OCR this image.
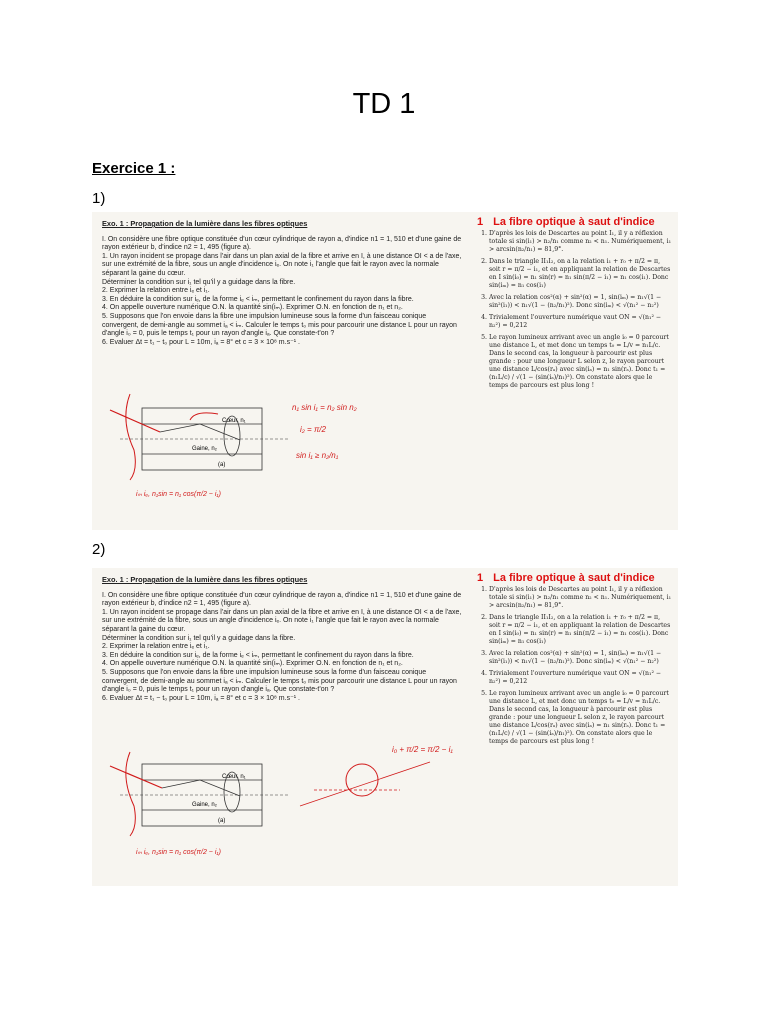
TD 1
Exercice 1 :
1)
Exo. 1 : Propagation de la lumière dans les fibres optiques

I. On considère une fibre optique constituée d'un cœur cylindrique de rayon a, d'indice n1 = 1, 510 et d'une gaine de rayon extérieur b, d'indice n2 = 1, 495 (figure a).

1. Un rayon incident se propage dans l'air dans un plan axial de la fibre et arrive en I, à une distance OI < a de l'axe, sur une extrémité de la fibre, sous un angle d'incidence iₑ. On note i₁ l'angle que fait le rayon avec la normale séparant la gaine du cœur.

Déterminer la condition sur i₁ tel qu'il y a guidage dans la fibre.

2. Exprimer la relation entre iₑ et i₁.

3. En déduire la condition sur iₑ, de la forme iₑ < iₘ, permettant le confinement du rayon dans la fibre.

4. On appelle ouverture numérique O.N. la quantité sin(iₘ). Exprimer O.N. en fonction de n₁ et n₂.

5. Supposons que l'on envoie dans la fibre une impulsion lumineuse sous la forme d'un faisceau conique convergent, de demi-angle au sommet iₐ < iₘ. Calculer le temps t₀ mis pour parcourir une distance L pour un rayon d'angle i₀ = 0, puis le temps t₁ pour un rayon d'angle iₐ. Que constate-t'on ?

6. Evaluer Δt = t₁ − t₀ pour L = 10m, iₐ = 8° et c = 3 × 10⁸ m.s⁻¹ .

Cœur, n₁
Gaine, n₂
(a)
iₘ iₑ, n₁sin = n₁ cos(π/2 − i₁)
n₁ sin i₁ = n₂ sin n₂
i₂ = π/2
sin i₁ ≥ n₂/n₁
1 La fibre optique à saut d'indice
1. D'après les lois de Descartes au point I₁, il y a réflexion totale si sin(i₁) > n₂/n₁ comme n₂ < n₁. Numériquement, i₁ > arcsin(n₂/n₁) = 81,9°.
2. Dans le triangle II₁I₂, on a la relation i₁ + r₀ + π/2 = π, soit r = π/2 − i₁, et en appliquant la relation de Descartes en I sin(i₀) = n₁ sin(r) = n₁ sin(π/2 − i₁) = n₁ cos(i₁). Donc sin(iₘ) = n₁ cos(i₁)
3. Avec la relation cos²(α) + sin²(α) = 1, sin(iₘ) = n₁√(1 − sin²(i₁)) < n₁√(1 − (n₂/n₁)²). Donc sin(iₘ) < √(n₁² − n₂²)
4. Trivialement l'ouverture numérique vaut ON = √(n₁² − n₂²) = 0,212
5. Le rayon lumineux arrivant avec un angle i₀ = 0 parcourt une distance L, et met donc un temps t₀ = L/v = n₁L/c. Dans le second cas, la longueur à parcourir est plus grande : pour une longueur L selon z, le rayon parcourt une distance L/cos(rₐ) avec sin(iₐ) = n₁ sin(rₐ). Donc t₁ = (n₁L/c) / √(1 − (sin(iₐ)/n₁)²). On constate alors que le temps de parcours est plus long !
2)
Exo. 1 : Propagation de la lumière dans les fibres optiques

I. On considère une fibre optique constituée d'un cœur cylindrique de rayon a, d'indice n1 = 1, 510 et d'une gaine de rayon extérieur b, d'indice n2 = 1, 495 (figure a).

1. Un rayon incident se propage dans l'air dans un plan axial de la fibre et arrive en I, à une distance OI < a de l'axe, sur une extrémité de la fibre, sous un angle d'incidence iₑ. On note i₁ l'angle que fait le rayon avec la normale séparant la gaine du cœur.

Déterminer la condition sur i₁ tel qu'il y a guidage dans la fibre.

2. Exprimer la relation entre iₑ et i₁.

3. En déduire la condition sur iₑ, de la forme iₑ < iₘ, permettant le confinement du rayon dans la fibre.

4. On appelle ouverture numérique O.N. la quantité sin(iₘ). Exprimer O.N. en fonction de n₁ et n₂.

5. Supposons que l'on envoie dans la fibre une impulsion lumineuse sous la forme d'un faisceau conique convergent, de demi-angle au sommet iₐ < iₘ. Calculer le temps t₀ mis pour parcourir une distance L pour un rayon d'angle i₀ = 0, puis le temps t₁ pour un rayon d'angle iₐ. Que constate-t'on ?

6. Evaluer Δt = t₁ − t₀ pour L = 10m, iₐ = 8° et c = 3 × 10⁸ m.s⁻¹ .

Cœur, n₁
Gaine, n₂
(a)
iₘ iₑ, n₁sin = n₁ cos(π/2 − i₁)
i₀ + π/2 = π/2 − i₁
1 La fibre optique à saut d'indice
1. D'après les lois de Descartes au point I₁, il y a réflexion totale si sin(i₁) > n₂/n₁ comme n₂ < n₁. Numériquement, i₁ > arcsin(n₂/n₁) = 81,9°.
2. Dans le triangle II₁I₂, on a la relation i₁ + r₀ + π/2 = π, soit r = π/2 − i₁, et en appliquant la relation de Descartes en I sin(i₀) = n₁ sin(r) = n₁ sin(π/2 − i₁) = n₁ cos(i₁). Donc sin(iₘ) = n₁ cos(i₁)
3. Avec la relation cos²(α) + sin²(α) = 1, sin(iₘ) = n₁√(1 − sin²(i₁)) < n₁√(1 − (n₂/n₁)²). Donc sin(iₘ) < √(n₁² − n₂²)
4. Trivialement l'ouverture numérique vaut ON = √(n₁² − n₂²) = 0,212
5. Le rayon lumineux arrivant avec un angle i₀ = 0 parcourt une distance L, et met donc un temps t₀ = L/v = n₁L/c. Dans le second cas, la longueur à parcourir est plus grande : pour une longueur L selon z, le rayon parcourt une distance L/cos(rₐ) avec sin(iₐ) = n₁ sin(rₐ). Donc t₁ = (n₁L/c) / √(1 − (sin(iₐ)/n₁)²). On constate alors que le temps de parcours est plus long !
